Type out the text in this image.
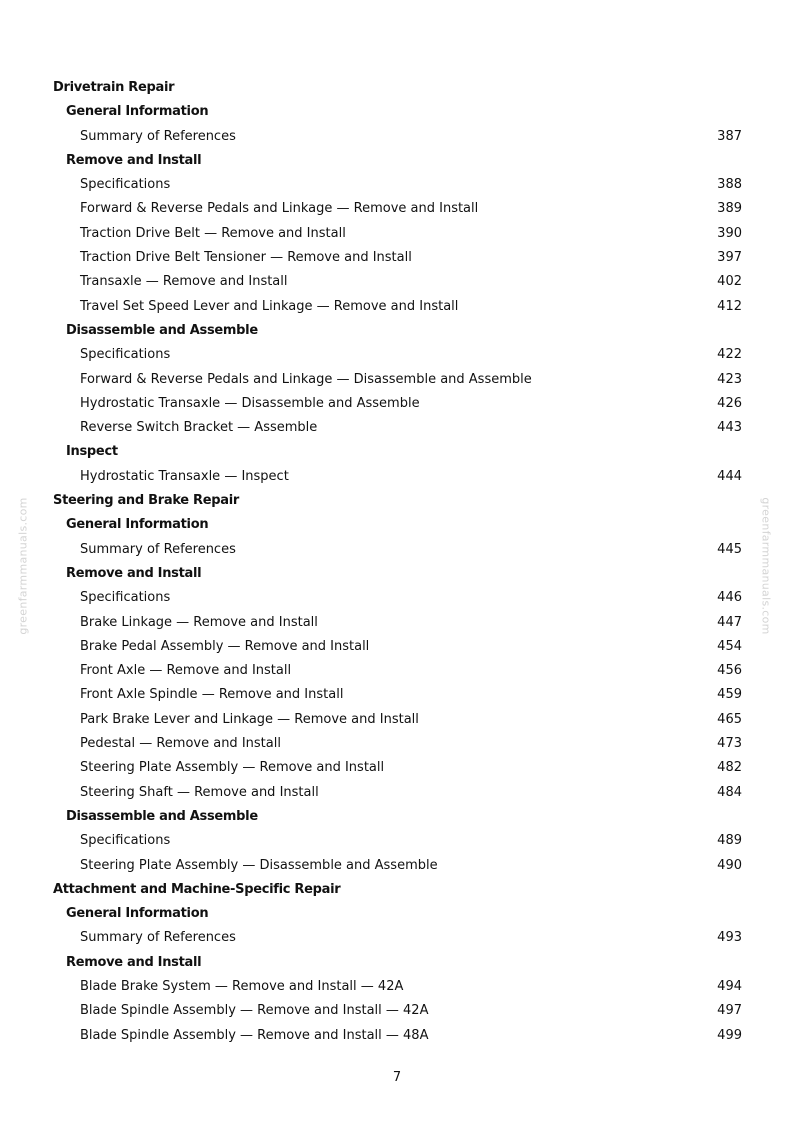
greenfarmmanuals.com	greenfarmmanuals.com
Drivetrain Repair
General Information
Summary of References	387
Remove and Install
Specifications	388
Forward & Reverse Pedals and Linkage — Remove and Install	389
Traction Drive Belt — Remove and Install	390
Traction Drive Belt Tensioner — Remove and Install	397
Transaxle — Remove and Install	402
Travel Set Speed Lever and Linkage — Remove and Install	412
Disassemble and Assemble
Specifications	422
Forward & Reverse Pedals and Linkage — Disassemble and Assemble	423
Hydrostatic Transaxle — Disassemble and Assemble	426
Reverse Switch Bracket — Assemble	443
Inspect
Hydrostatic Transaxle — Inspect	444
Steering and Brake Repair
General Information
Summary of References	445
Remove and Install
Specifications	446
Brake Linkage — Remove and Install	447
Brake Pedal Assembly — Remove and Install	454
Front Axle — Remove and Install	456
Front Axle Spindle — Remove and Install	459
Park Brake Lever and Linkage — Remove and Install	465
Pedestal — Remove and Install	473
Steering Plate Assembly — Remove and Install	482
Steering Shaft — Remove and Install	484
Disassemble and Assemble
Specifications	489
Steering Plate Assembly — Disassemble and Assemble	490
Attachment and Machine-Specific Repair
General Information
Summary of References	493
Remove and Install
Blade Brake System — Remove and Install — 42A	494
Blade Spindle Assembly — Remove and Install — 42A	497
Blade Spindle Assembly — Remove and Install — 48A	499
7
